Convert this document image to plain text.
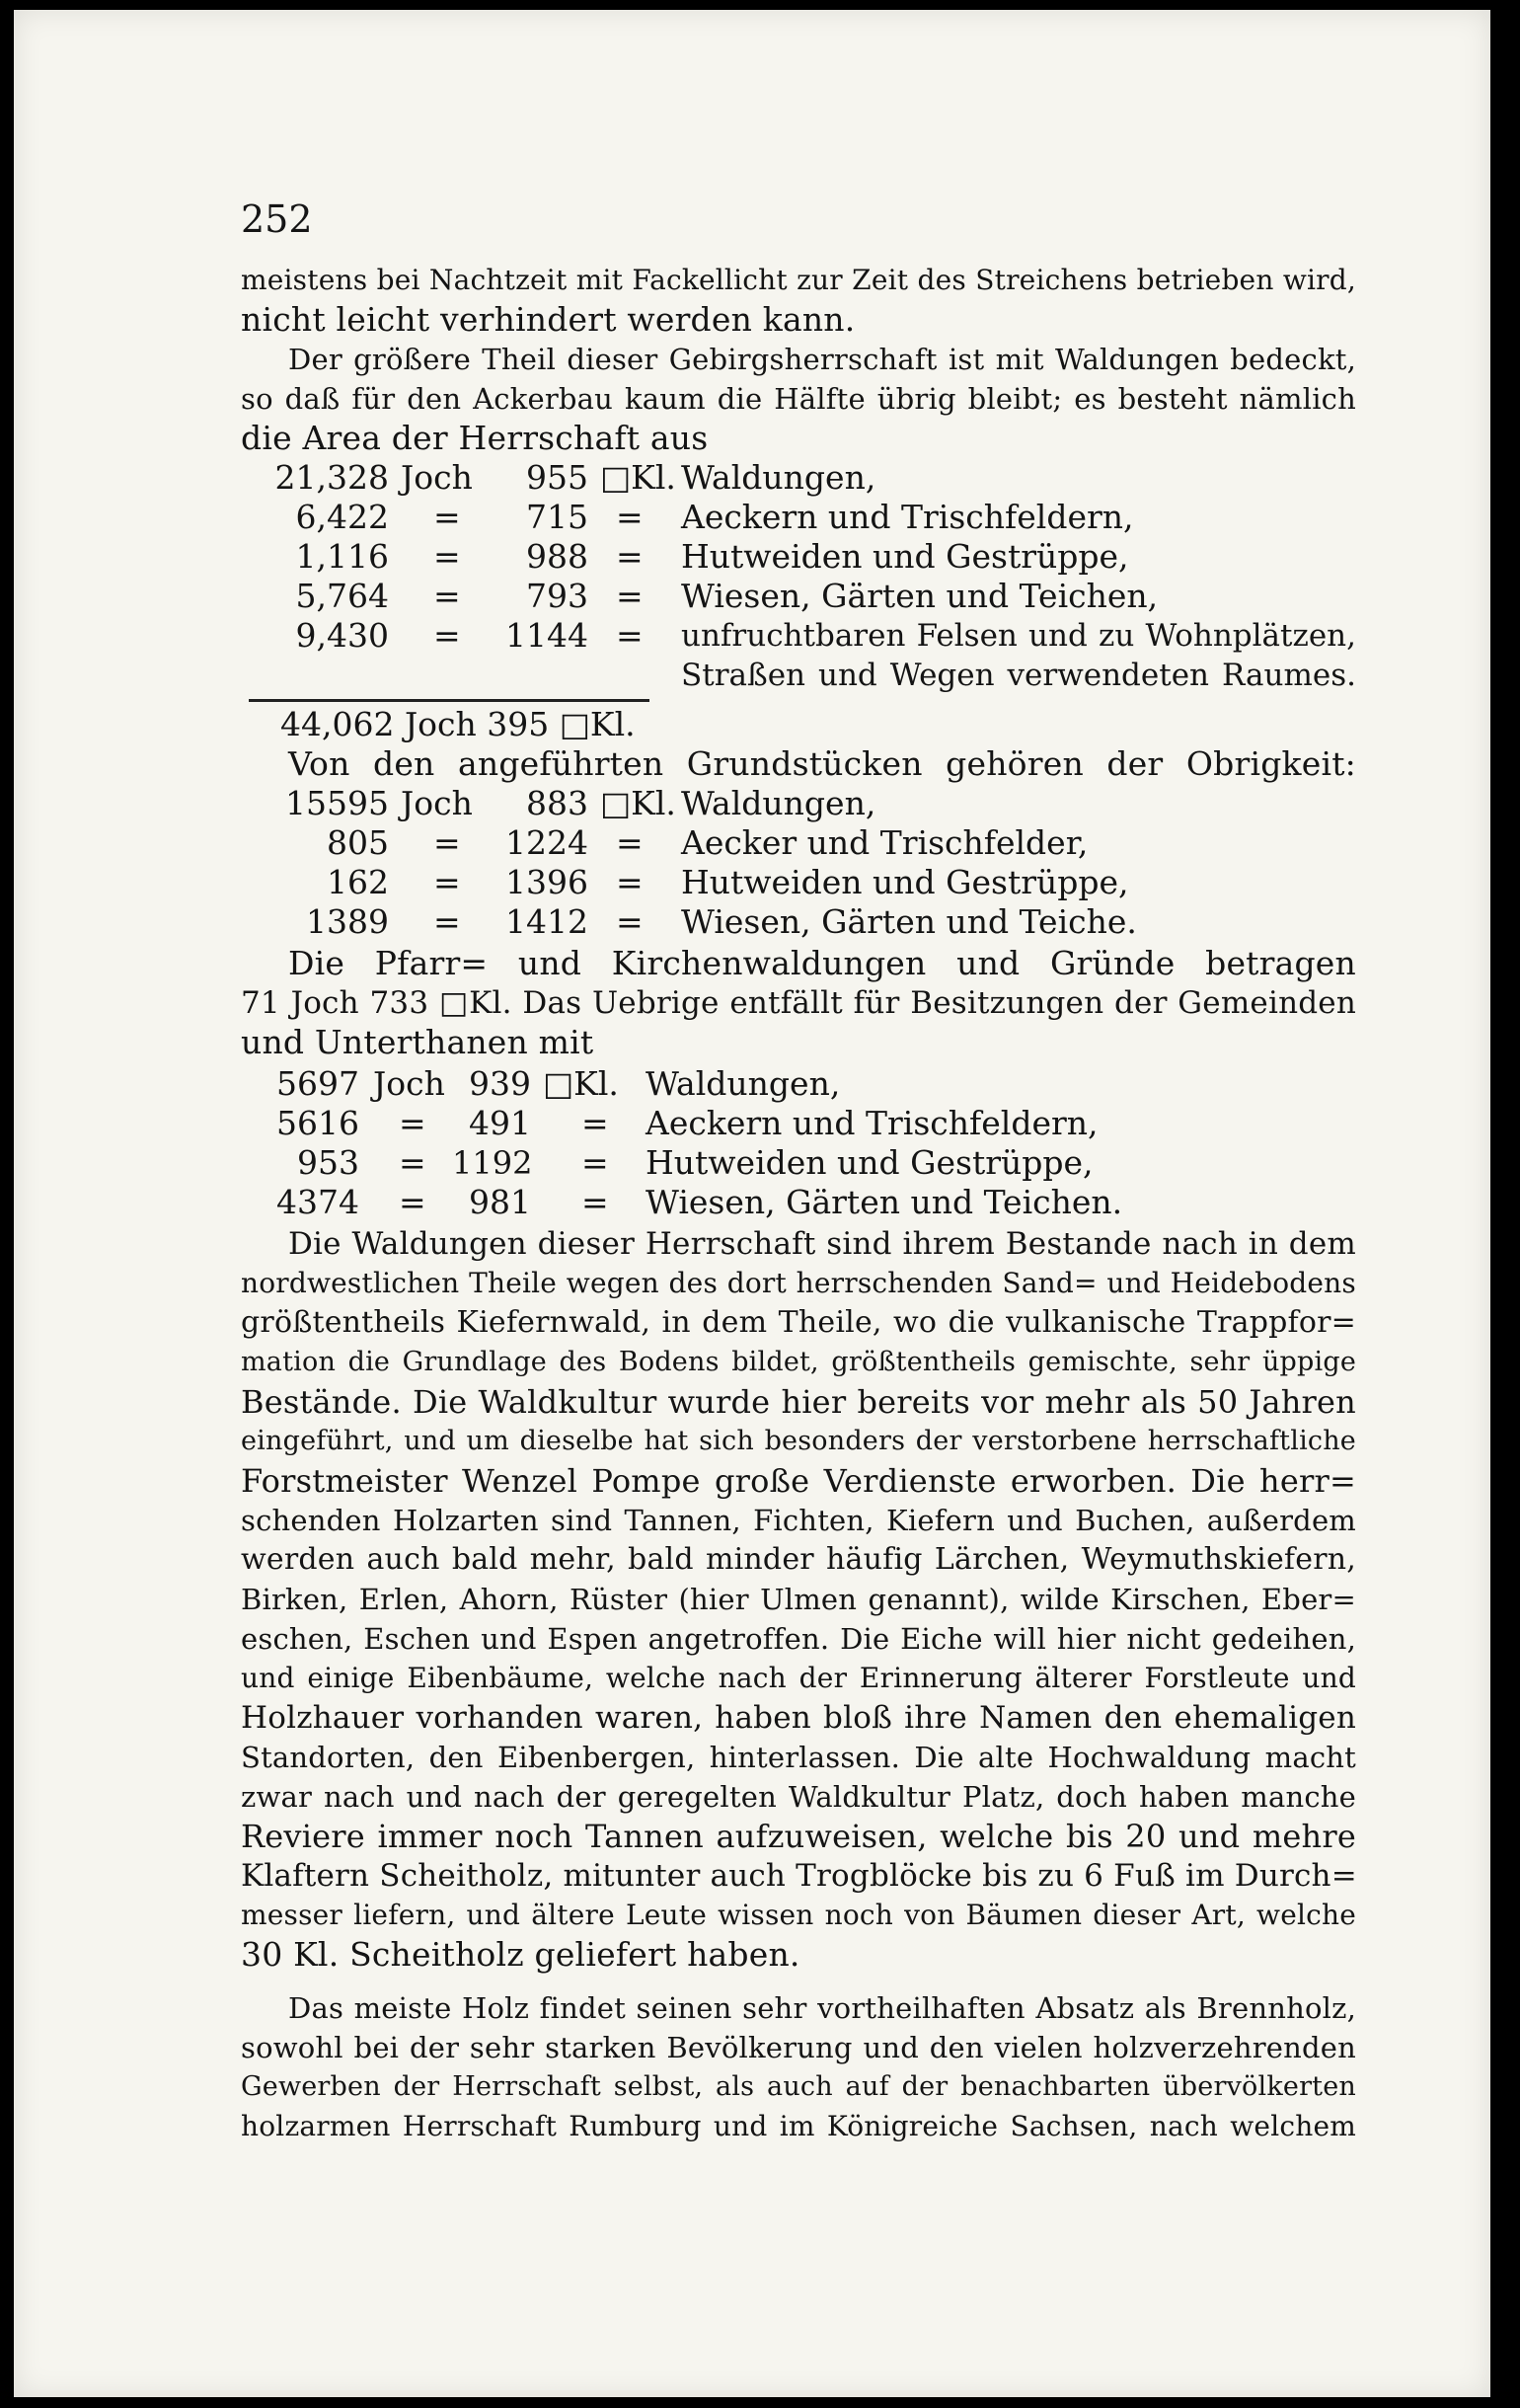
252
meistens bei Nachtzeit mit Fackellicht zur Zeit des Streichens betrieben wird,
nicht leicht verhindert werden kann.
Der größere Theil dieser Gebirgsherrschaft ist mit Waldungen bedeckt,
so daß für den Ackerbau kaum die Hälfte übrig bleibt; es besteht nämlich
die Area der Herrschaft aus
21,328 Joch	955 □Kl. Waldungen,
6,422 =	715 = Aeckern und Trischfeldern,
1,116 =	988 = Hutweiden und Gestrüppe,
5,764 =	793 = Wiesen, Gärten und Teichen,
9,430 = 1144 = unfruchtbaren Felsen und zu Wohnplätzen,
Straßen und Wegen verwendeten Raumes.
44,062 Joch 395 □Kl.
Von den angeführten Grundstücken gehören der Obrigkeit:
15595 Joch	883 □Kl. Waldungen,
805 = 1224 = Aecker und Trischfelder,
162 = 1396 = Hutweiden und Gestrüppe,
1389 = 1412 = Wiesen, Gärten und Teiche.
Die Pfarr= und Kirchenwaldungen und Gründe betragen
71 Joch 733 □Kl. Das Uebrige entfällt für Besitzungen der Gemeinden
und Unterthanen mit
5697 Joch 939 □Kl. Waldungen,
5616 =	491 = Aeckern und Trischfeldern,
953 = 1192 = Hutweiden und Gestrüppe,
4374 =	981 = Wiesen, Gärten und Teichen.
Die Waldungen dieser Herrschaft sind ihrem Bestande nach in dem
nordwestlichen Theile wegen des dort herrschenden Sand= und Heidebodens
größtentheils Kiefernwald, in dem Theile, wo die vulkanische Trappfor=
mation die Grundlage des Bodens bildet, größtentheils gemischte, sehr üppige
Bestände. Die Waldkultur wurde hier bereits vor mehr als 50 Jahren
eingeführt, und um dieselbe hat sich besonders der verstorbene herrschaftliche
Forstmeister Wenzel Pompe große Verdienste erworben. Die herr=
schenden Holzarten sind Tannen, Fichten, Kiefern und Buchen, außerdem
werden auch bald mehr, bald minder häufig Lärchen, Weymuthskiefern,
Birken, Erlen, Ahorn, Rüster (hier Ulmen genannt), wilde Kirschen, Eber=
eschen, Eschen und Espen angetroffen. Die Eiche will hier nicht gedeihen,
und einige Eibenbäume, welche nach der Erinnerung älterer Forstleute und
Holzhauer vorhanden waren, haben bloß ihre Namen den ehemaligen
Standorten, den Eibenbergen, hinterlassen. Die alte Hochwaldung macht
zwar nach und nach der geregelten Waldkultur Platz, doch haben manche
Reviere immer noch Tannen aufzuweisen, welche bis 20 und mehre
Klaftern Scheitholz, mitunter auch Trogblöcke bis zu 6 Fuß im Durch=
messer liefern, und ältere Leute wissen noch von Bäumen dieser Art, welche
30 Kl. Scheitholz geliefert haben.
Das meiste Holz findet seinen sehr vortheilhaften Absatz als Brennholz,
sowohl bei der sehr starken Bevölkerung und den vielen holzverzehrenden
Gewerben der Herrschaft selbst, als auch auf der benachbarten übervölkerten
holzarmen Herrschaft Rumburg und im Königreiche Sachsen, nach welchem
